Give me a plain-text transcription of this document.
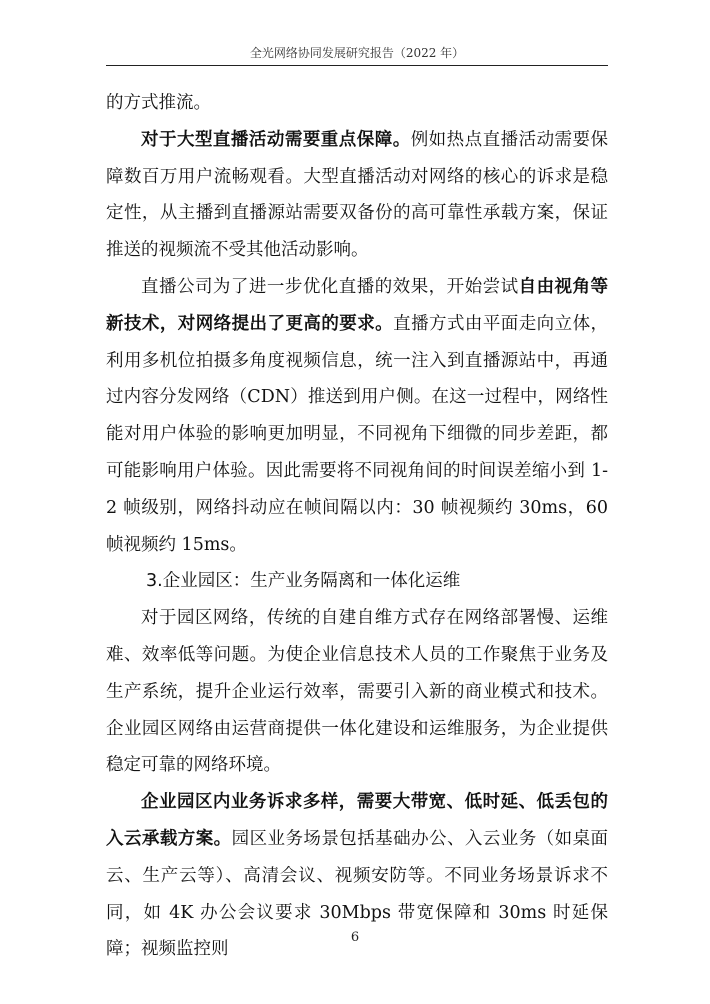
全光网络协同发展研究报告（2022 年）

的方式推流。

对于大型直播活动需要重点保障。例如热点直播活动需要保障数百万用户流畅观看。大型直播活动对网络的核心的诉求是稳定性，从主播到直播源站需要双备份的高可靠性承载方案，保证推送的视频流不受其他活动影响。

直播公司为了进一步优化直播的效果，开始尝试自由视角等新技术，对网络提出了更高的要求。直播方式由平面走向立体，利用多机位拍摄多角度视频信息，统一注入到直播源站中，再通过内容分发网络（CDN）推送到用户侧。在这一过程中，网络性能对用户体验的影响更加明显，不同视角下细微的同步差距，都可能影响用户体验。因此需要将不同视角间的时间误差缩小到 1-2 帧级别，网络抖动应在帧间隔以内：30 帧视频约 30ms，60 帧视频约 15ms。

3.企业园区：生产业务隔离和一体化运维

对于园区网络，传统的自建自维方式存在网络部署慢、运维难、效率低等问题。为使企业信息技术人员的工作聚焦于业务及生产系统，提升企业运行效率，需要引入新的商业模式和技术。企业园区网络由运营商提供一体化建设和运维服务，为企业提供稳定可靠的网络环境。

企业园区内业务诉求多样，需要大带宽、低时延、低丢包的入云承载方案。园区业务场景包括基础办公、入云业务（如桌面云、生产云等）、高清会议、视频安防等。不同业务场景诉求不同，如 4K 办公会议要求 30Mbps 带宽保障和 30ms 时延保障；视频监控则

6
